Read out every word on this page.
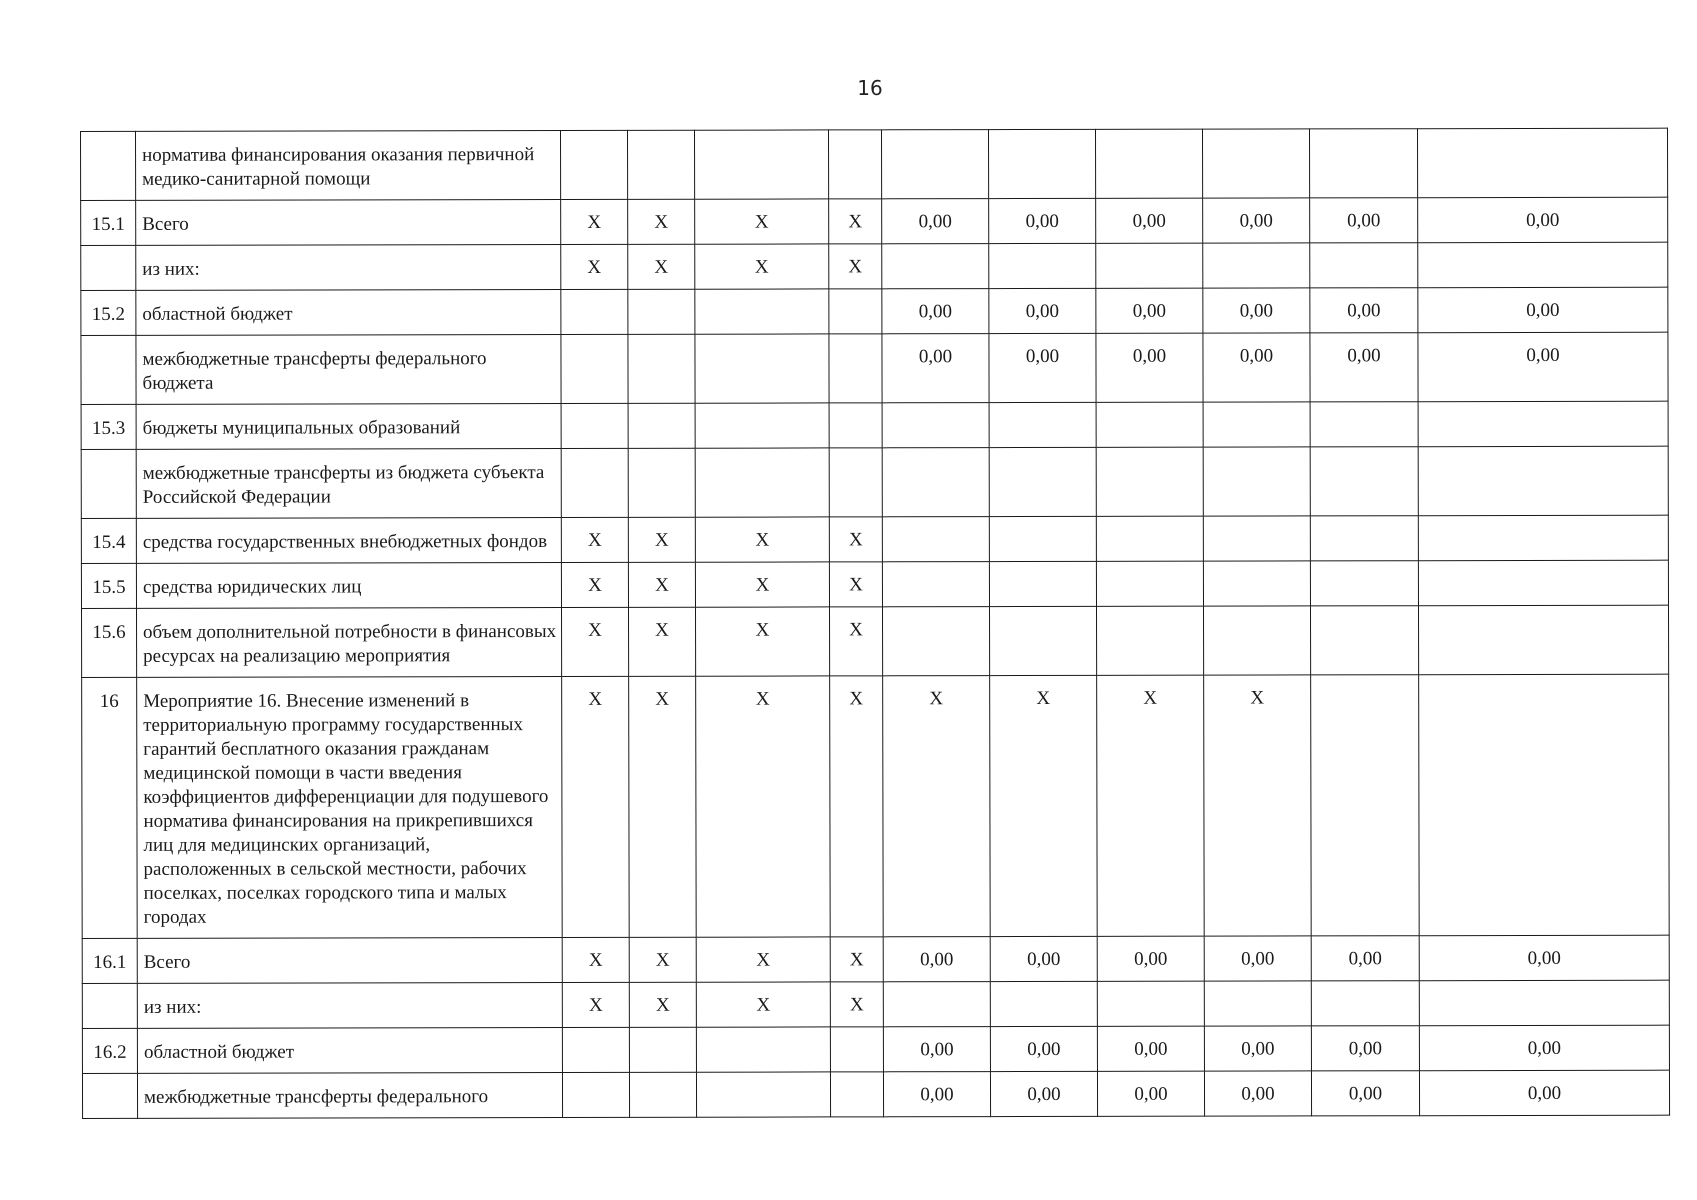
16
	норматива финансирования оказания первичной медико-санитарной помощи										
15.1	Всего	X	X	X	X	0,00	0,00	0,00	0,00	0,00	0,00
	из них:	X	X	X	X						
15.2	областной бюджет					0,00	0,00	0,00	0,00	0,00	0,00
	межбюджетные трансферты федерального бюджета					0,00	0,00	0,00	0,00	0,00	0,00
15.3	бюджеты муниципальных образований										
	межбюджетные трансферты из бюджета субъекта Российской Федерации										
15.4	средства государственных внебюджетных фондов	X	X	X	X						
15.5	средства юридических лиц	X	X	X	X						
15.6	объем дополнительной потребности в финансовых ресурсах на реализацию мероприятия	X	X	X	X						
16	Мероприятие 16. Внесение изменений в территориальную программу государственных гарантий бесплатного оказания гражданам медицинской помощи в части введения коэффициентов дифференциации для подушевого норматива финансирования на прикрепившихся лиц для медицинских организаций, расположенных в сельской местности, рабочих поселках, поселках городского типа и малых городах	X	X	X	X	X	X	X	X		
16.1	Всего	X	X	X	X	0,00	0,00	0,00	0,00	0,00	0,00
	из них:	X	X	X	X						
16.2	областной бюджет					0,00	0,00	0,00	0,00	0,00	0,00
	межбюджетные трансферты федерального					0,00	0,00	0,00	0,00	0,00	0,00
